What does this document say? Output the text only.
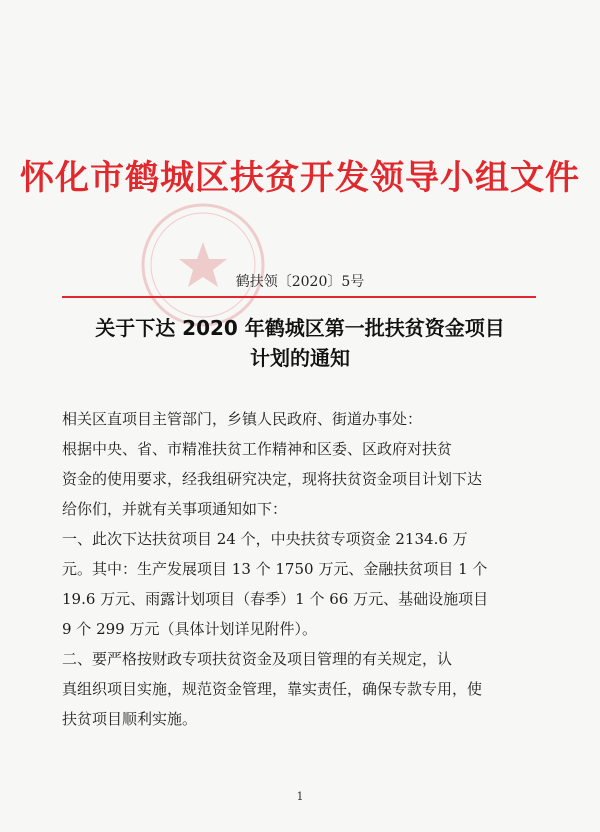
怀化市鹤城区扶贫开发领导小组文件
鹤扶领〔2020〕5号
关于下达 2020 年鹤城区第一批扶贫资金项目
计划的通知

相关区直项目主管部门，乡镇人民政府、街道办事处：

根据中央、省、市精准扶贫工作精神和区委、区政府对扶贫

资金的使用要求，经我组研究决定，现将扶贫资金项目计划下达

给你们，并就有关事项通知如下：

一、此次下达扶贫项目 24 个，中央扶贫专项资金 2134.6 万

元。其中：生产发展项目 13 个 1750 万元、金融扶贫项目 1 个

19.6 万元、雨露计划项目（春季）1 个 66 万元、基础设施项目

9 个 299 万元（具体计划详见附件）。

二、要严格按财政专项扶贫资金及项目管理的有关规定，认

真组织项目实施，规范资金管理，靠实责任，确保专款专用，使

扶贫项目顺利实施。

1
